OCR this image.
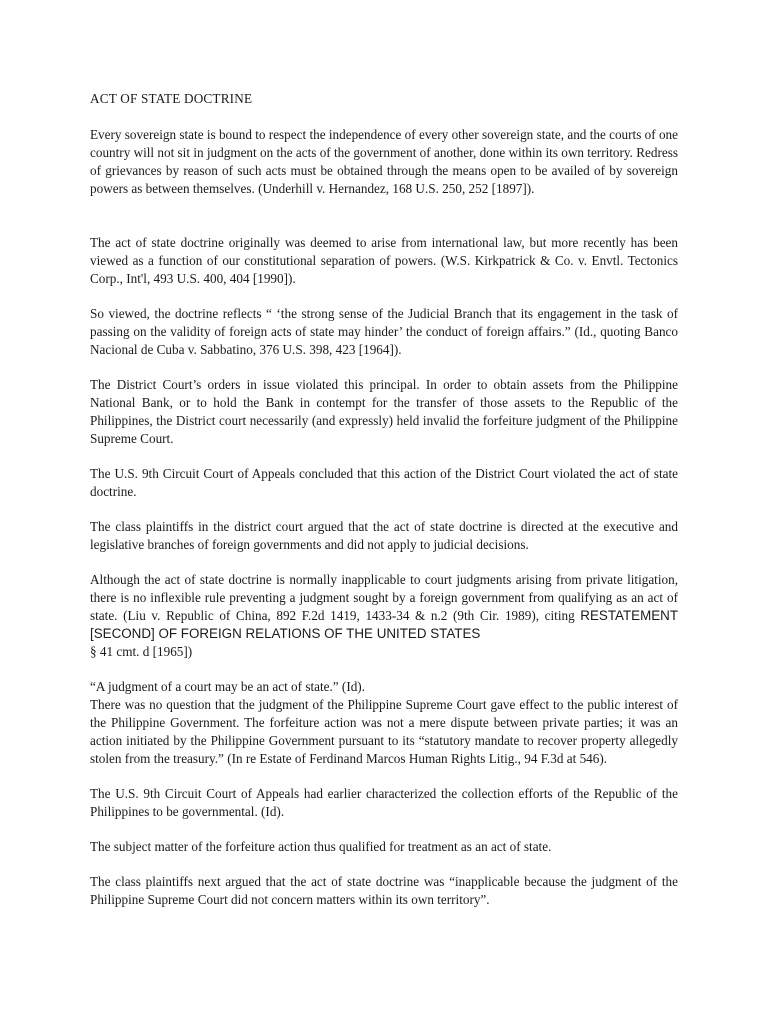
ACT OF STATE DOCTRINE

Every sovereign state is bound to respect the independence of every other sovereign state, and the courts of one country will not sit in judgment on the acts of the government of another, done within its own territory. Redress of grievances by reason of such acts must be obtained through the means open to be availed of by sovereign powers as between themselves. (Underhill v. Hernandez, 168 U.S. 250, 252 [1897]).

The act of state doctrine originally was deemed to arise from international law, but more recently has been viewed as a function of our constitutional separation of powers. (W.S. Kirkpatrick & Co. v. Envtl. Tectonics Corp., Int'l, 493 U.S. 400, 404 [1990]).

So viewed, the doctrine reflects “ ‘the strong sense of the Judicial Branch that its engagement in the task of passing on the validity of foreign acts of state may hinder’ the conduct of foreign affairs.” (Id., quoting Banco Nacional de Cuba v. Sabbatino, 376 U.S. 398, 423 [1964]).

The District Court’s orders in issue violated this principal. In order to obtain assets from the Philippine National Bank, or to hold the Bank in contempt for the transfer of those assets to the Republic of the Philippines, the District court necessarily (and expressly) held invalid the forfeiture judgment of the Philippine Supreme Court.

The U.S. 9th Circuit Court of Appeals concluded that this action of the District Court violated the act of state doctrine.

The class plaintiffs in the district court argued that the act of state doctrine is directed at the executive and legislative branches of foreign governments and did not apply to judicial decisions.

Although the act of state doctrine is normally inapplicable to court judgments arising from private litigation, there is no inflexible rule preventing a judgment sought by a foreign government from qualifying as an act of state. (Liu v. Republic of China, 892 F.2d 1419, 1433-34 & n.2 (9th Cir. 1989), citing RESTATEMENT [SECOND] OF FOREIGN RELATIONS OF THE UNITED STATES
§ 41 cmt. d [1965])

“A judgment of a court may be an act of state.” (Id).

There was no question that the judgment of the Philippine Supreme Court gave effect to the public interest of the Philippine Government. The forfeiture action was not a mere dispute between private parties; it was an action initiated by the Philippine Government pursuant to its “statutory mandate to recover property allegedly stolen from the treasury.” (In re Estate of Ferdinand Marcos Human Rights Litig., 94 F.3d at 546).

The U.S. 9th Circuit Court of Appeals had earlier characterized the collection efforts of the Republic of the Philippines to be governmental. (Id).

The subject matter of the forfeiture action thus qualified for treatment as an act of state.

The class plaintiffs next argued that the act of state doctrine was “inapplicable because the judgment of the Philippine Supreme Court did not concern matters within its own territory”.
